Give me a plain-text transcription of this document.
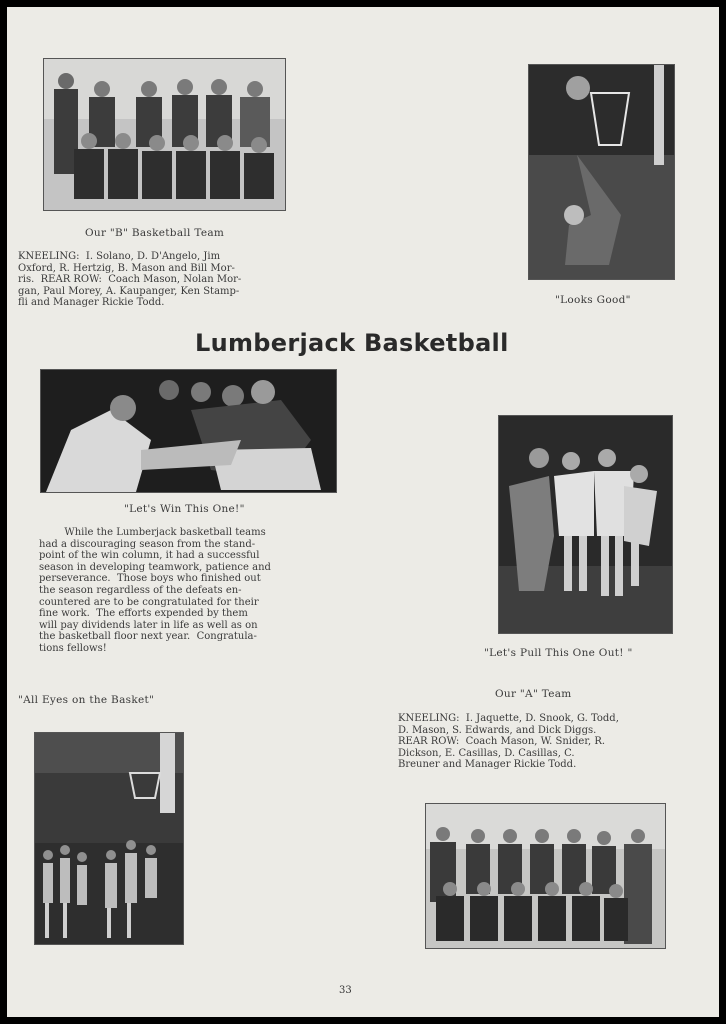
Our "B" Basketball Team
KNEELING:  I. Solano, D. D'Angelo, Jim
Oxford, R. Hertzig, B. Mason and Bill Mor-
ris.  REAR ROW:  Coach Mason, Nolan Mor-
gan, Paul Morey, A. Kaupanger, Ken Stamp-
fli and Manager Rickie Todd.	"Looks Good"
Lumberjack Basketball
"Let's Win This One!"
While the Lumberjack basketball teams
had a discouraging season from the stand-
point of the win column, it had a successful
season in developing teamwork, patience and
perseverance.  Those boys who finished out
the season regardless of the defeats en-
countered are to be congratulated for their
fine work.  The efforts expended by them
will pay dividends later in life as well as on
the basketball floor next year.  Congratula-
tions fellows!	"Let's Pull This One Out! "
"All Eyes on the Basket"	Our "A" Team
KNEELING:  I. Jaquette, D. Snook, G. Todd,
D. Mason, S. Edwards, and Dick Diggs.
REAR ROW:  Coach Mason, W. Snider, R.
Dickson, E. Casillas, D. Casillas, C.
Breuner and Manager Rickie Todd.
33
